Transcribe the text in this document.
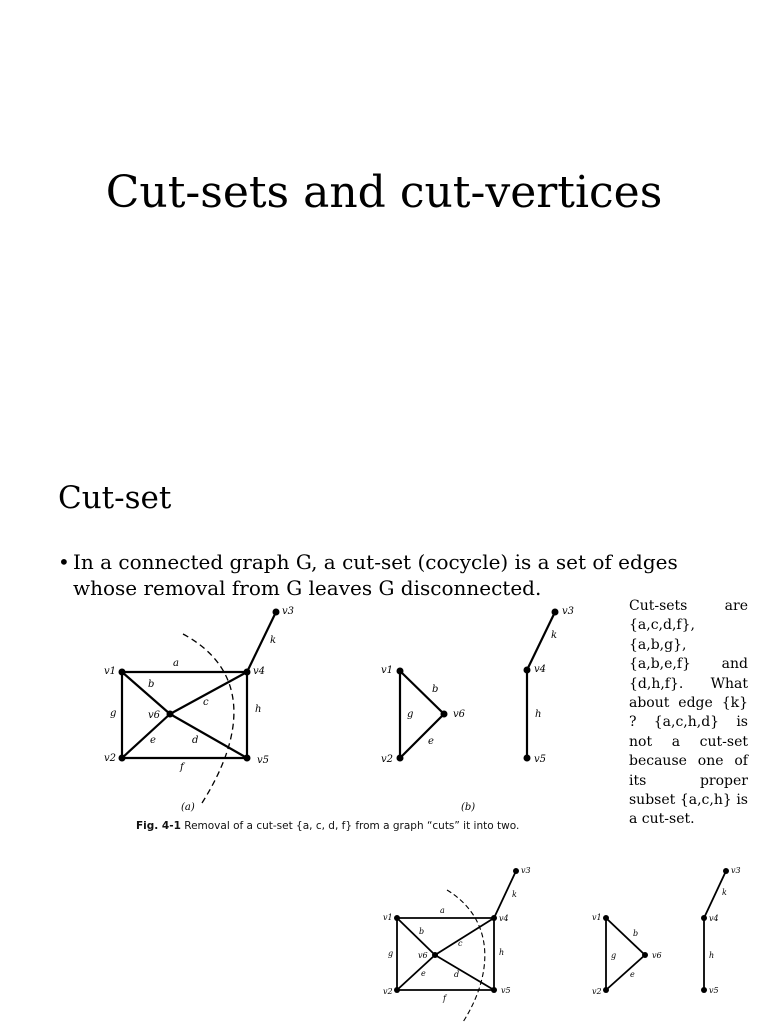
Cut-sets and cut-vertices
Cut-set
• In a connected graph G, a cut-set (cocycle) is a set of edges whose removal from G leaves G disconnected.
Cut-sets are {a,c,d,f}, {a,b,g}, {a,b,e,f} and {d,h,f}. What about edge {k} ? {a,c,h,d} is not a cut-set because one of its proper subset {a,c,h} is a cut-set.
v1
v2
v3
v4
v5
v6
a
b
c
d
e
f
g	h
k
(a)
v1
v2
v6
v3
v4
v5
b
e
g	h
k
(b)
Fig. 4-1 Removal of a cut-set {a, c, d, f} from a graph “cuts” it into two.
v1
v2
v3
v4
v5
v6
a
b
c
d
e
f
g	h
k
v1
v2
v6
v3
v4
v5
b
e
g	h
k
